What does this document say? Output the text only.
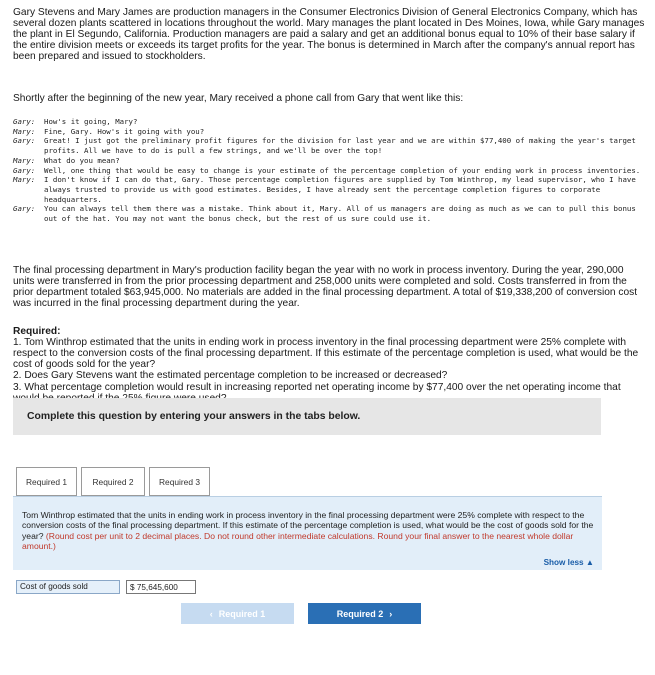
Gary Stevens and Mary James are production managers in the Consumer Electronics Division of General Electronics Company, which has several dozen plants scattered in locations throughout the world. Mary manages the plant located in Des Moines, Iowa, while Gary manages the plant in El Segundo, California. Production managers are paid a salary and get an additional bonus equal to 10% of their base salary if the entire division meets or exceeds its target profits for the year. The bonus is determined in March after the company's annual report has been prepared and issued to stockholders.

Shortly after the beginning of the new year, Mary received a phone call from Gary that went like this:

Gary:	How's it going, Mary?
Mary:	Fine, Gary. How's it going with you?
Gary:	Great! I just got the preliminary profit figures for the division for last year and we are within $77,400 of making the year's target profits. All we have to do is pull a few strings, and we'll be over the top!
Mary:	What do you mean?
Gary:	Well, one thing that would be easy to change is your estimate of the percentage completion of your ending work in process inventories.
Mary:	I don't know if I can do that, Gary. Those percentage completion figures are supplied by Tom Winthrop, my lead supervisor, who I have always trusted to provide us with good estimates. Besides, I have already sent the percentage completion figures to corporate headquarters.
Gary:	You can always tell them there was a mistake. Think about it, Mary. All of us managers are doing as much as we can to pull this bonus out of the hat. You may not want the bonus check, but the rest of us sure could use it.

The final processing department in Mary's production facility began the year with no work in process inventory. During the year, 290,000 units were transferred in from the prior processing department and 258,000 units were completed and sold. Costs transferred in from the prior department totaled $63,945,000. No materials are added in the final processing department. A total of $19,338,200 of conversion cost was incurred in the final processing department during the year.

Required:

1. Tom Winthrop estimated that the units in ending work in process inventory in the final processing department were 25% complete with respect to the conversion costs of the final processing department. If this estimate of the percentage completion is used, what would be the cost of goods sold for the year?

2. Does Gary Stevens want the estimated percentage completion to be increased or decreased?

3. What percentage completion would result in increasing reported net operating income by $77,400 over the net operating income that

Complete this question by entering your answers in the tabs below.
Required 1	Required 2	Required 3
Tom Winthrop estimated that the units in ending work in process inventory in the final processing department were 25% complete with respect to the conversion costs of the final processing department. If this estimate of the percentage completion is used, what would be the cost of goods sold for the year? (Round cost per unit to 2 decimal places. Do not round other intermediate calculations. Round your final answer to the nearest whole dollar amount.)
Show less ▲
Cost of goods sold
$ 75,645,600
‹ Required 1	Required 2 ›
